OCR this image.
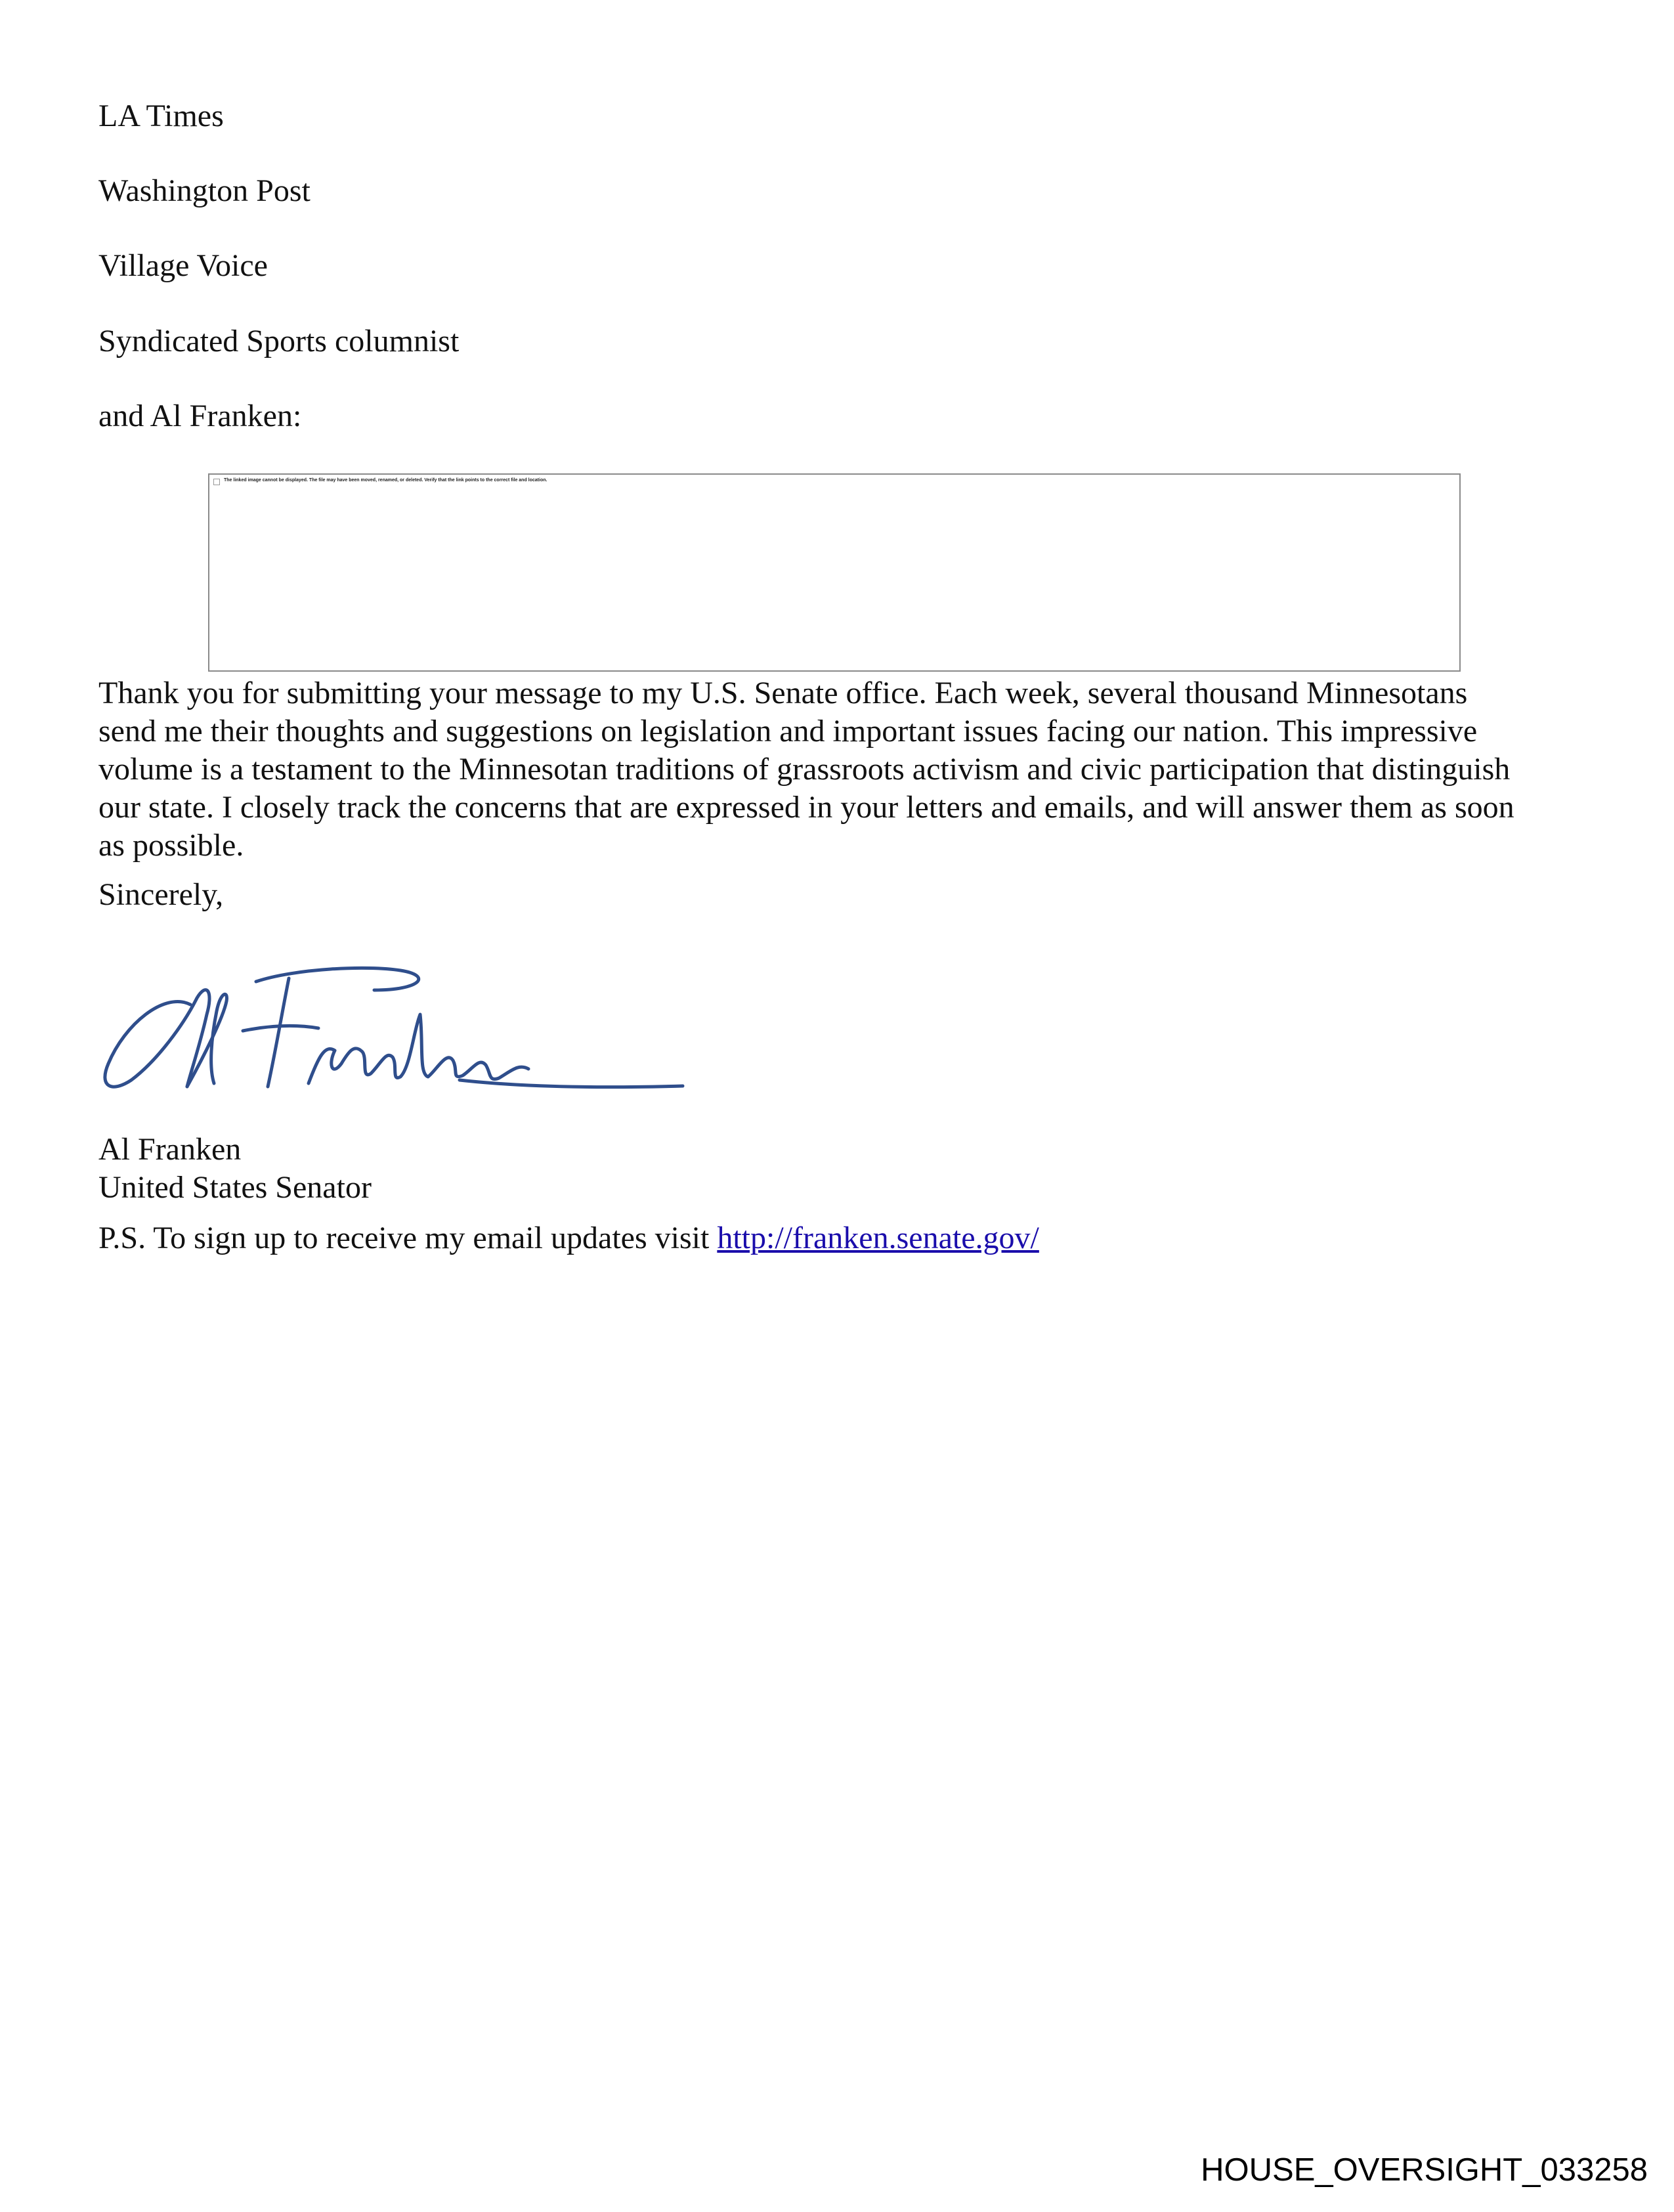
LA Times
Washington Post
Village Voice
Syndicated Sports columnist
and Al Franken:
The linked image cannot be displayed. The file may have been moved, renamed, or deleted. Verify that the link points to the correct file and location.
Thank you for submitting your message to my U.S. Senate office. Each week, several thousand Minnesotans
send me their thoughts and suggestions on legislation and important issues facing our nation. This impressive
volume is a testament to the Minnesotan traditions of grassroots activism and civic participation that distinguish
our state. I closely track the concerns that are expressed in your letters and emails, and will answer them as soon
as possible.
Sincerely,
Al Franken
United States Senator
P.S. To sign up to receive my email updates visit http://franken.senate.gov/
HOUSE_OVERSIGHT_033258
